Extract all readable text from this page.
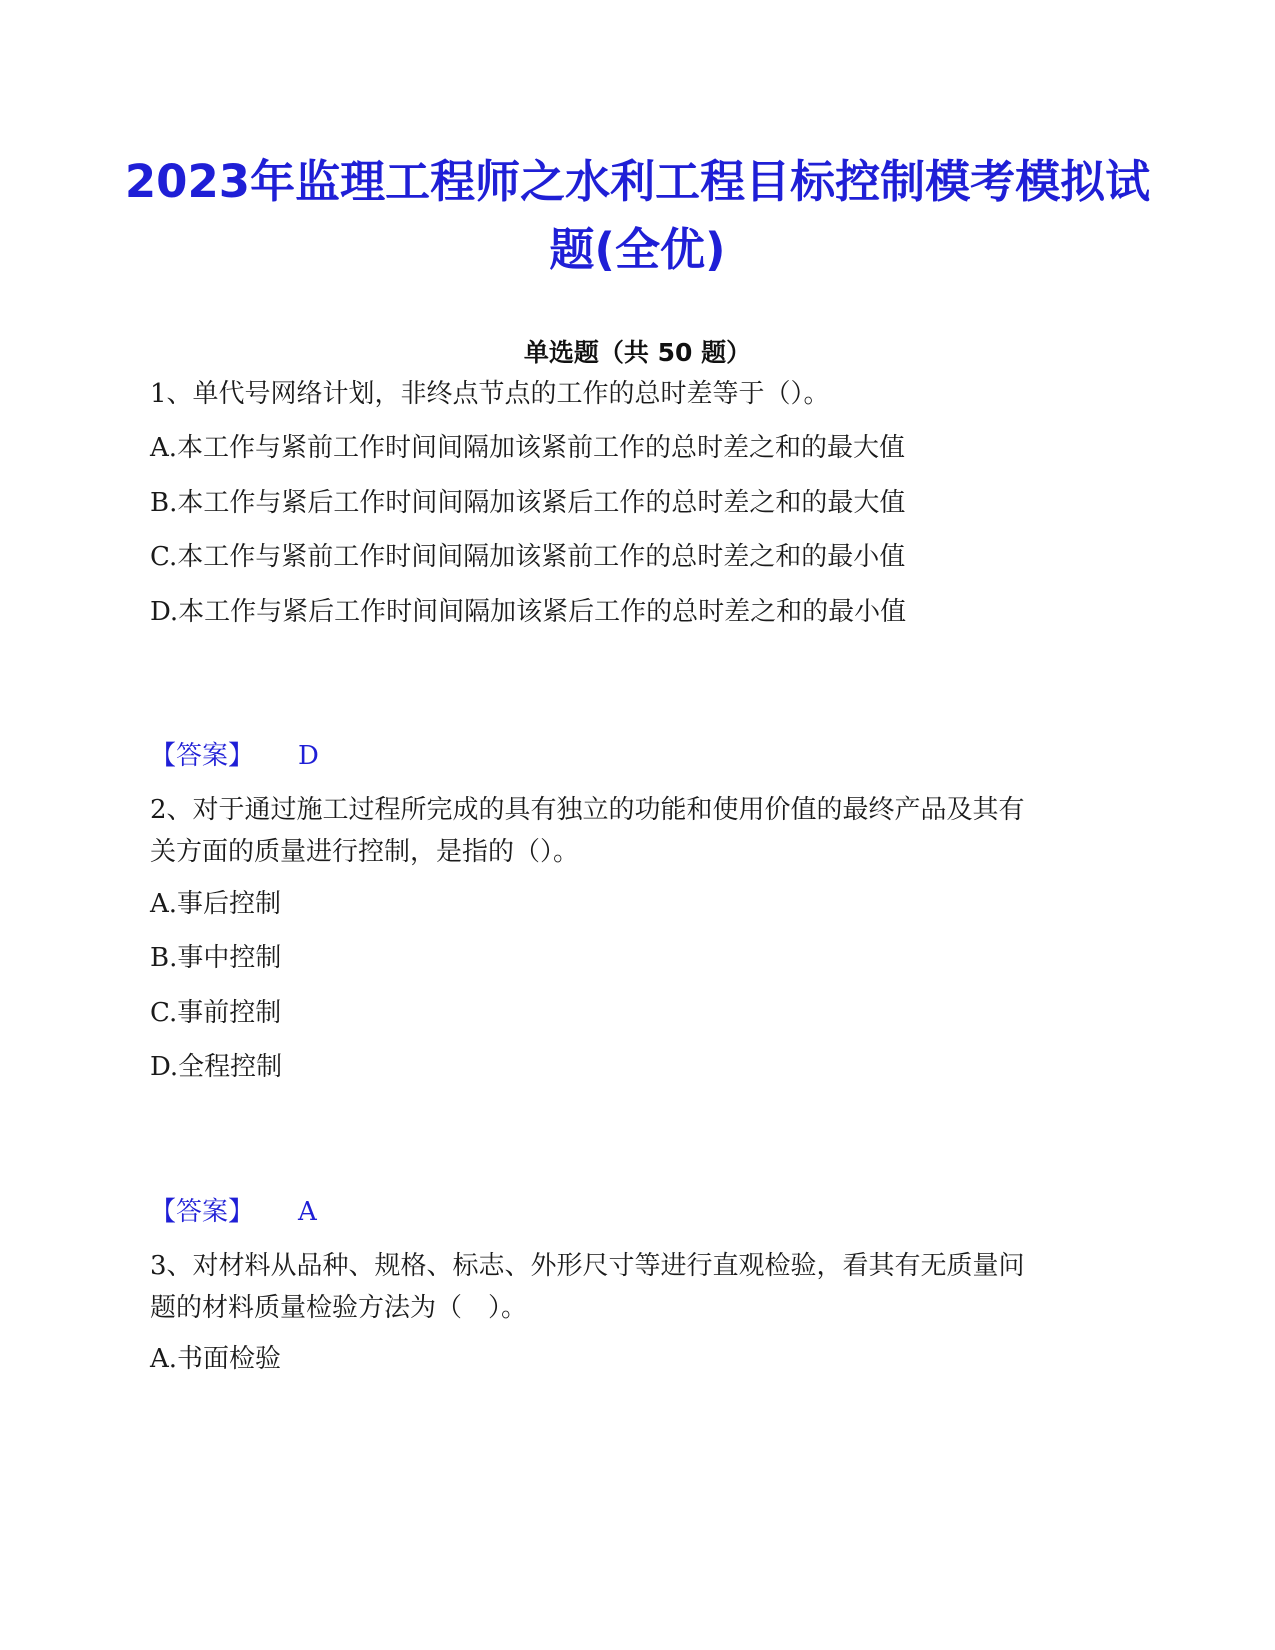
2023年监理工程师之水利工程目标控制模考模拟试题(全优)
单选题（共 50 题）
1、单代号网络计划，非终点节点的工作的总时差等于（）。
A.本工作与紧前工作时间间隔加该紧前工作的总时差之和的最大值
B.本工作与紧后工作时间间隔加该紧后工作的总时差之和的最大值
C.本工作与紧前工作时间间隔加该紧前工作的总时差之和的最小值
D.本工作与紧后工作时间间隔加该紧后工作的总时差之和的最小值
【答案】 D
2、对于通过施工过程所完成的具有独立的功能和使用价值的最终产品及其有关方面的质量进行控制，是指的（）。
A.事后控制
B.事中控制
C.事前控制
D.全程控制
【答案】 A
3、对材料从品种、规格、标志、外形尺寸等进行直观检验，看其有无质量问题的材料质量检验方法为（　）。
A.书面检验
